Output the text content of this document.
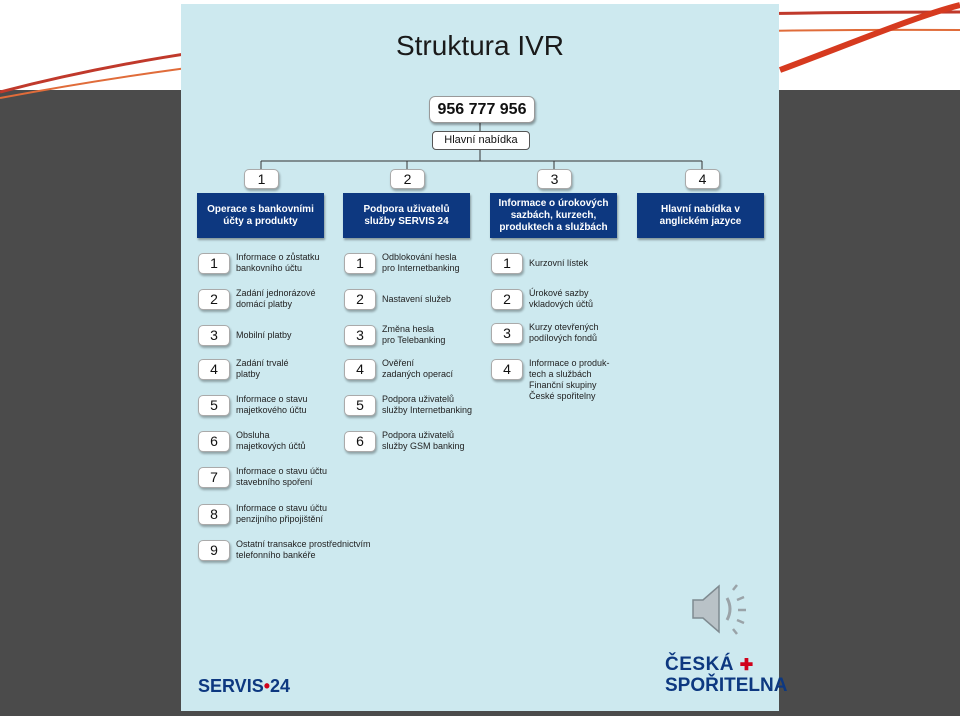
Struktura IVR
956 777 956
Hlavní nabídka
1	2	3	4
Operace s bankovními účty a produkty
Podpora uživatelů služby SERVIS 24
Informace o úrokových sazbách, kurzech, produktech a službách
Hlavní nabídka v anglickém jazyce
1	Informace o zůstatku
bankovního účtu
2	Zadání jednorázové
domácí platby
3	Mobilní platby
4	Zadání trvalé
platby
5	Informace o stavu
majetkového účtu
6	Obsluha
majetkových účtů
7	Informace o stavu účtu
stavebního spoření
8	Informace o stavu účtu
penzijního připojištění
9	Ostatní transakce prostřednictvím
telefonního bankéře
1	Odblokování hesla
pro Internetbanking
2	Nastavení služeb
3	Změna hesla
pro Telebanking
4	Ověření
zadaných operací
5	Podpora uživatelů
služby Internetbanking
6	Podpora uživatelů
služby GSM banking
1	Kurzovní lístek
2	Úrokové sazby
vkladových účtů
3	Kurzy otevřených
podílových fondů
4	Informace o produk-
tech a službách
Finanční skupiny
České spořitelny
SERVIS•24
ČESKÁ ✚
SPOŘITELNA
